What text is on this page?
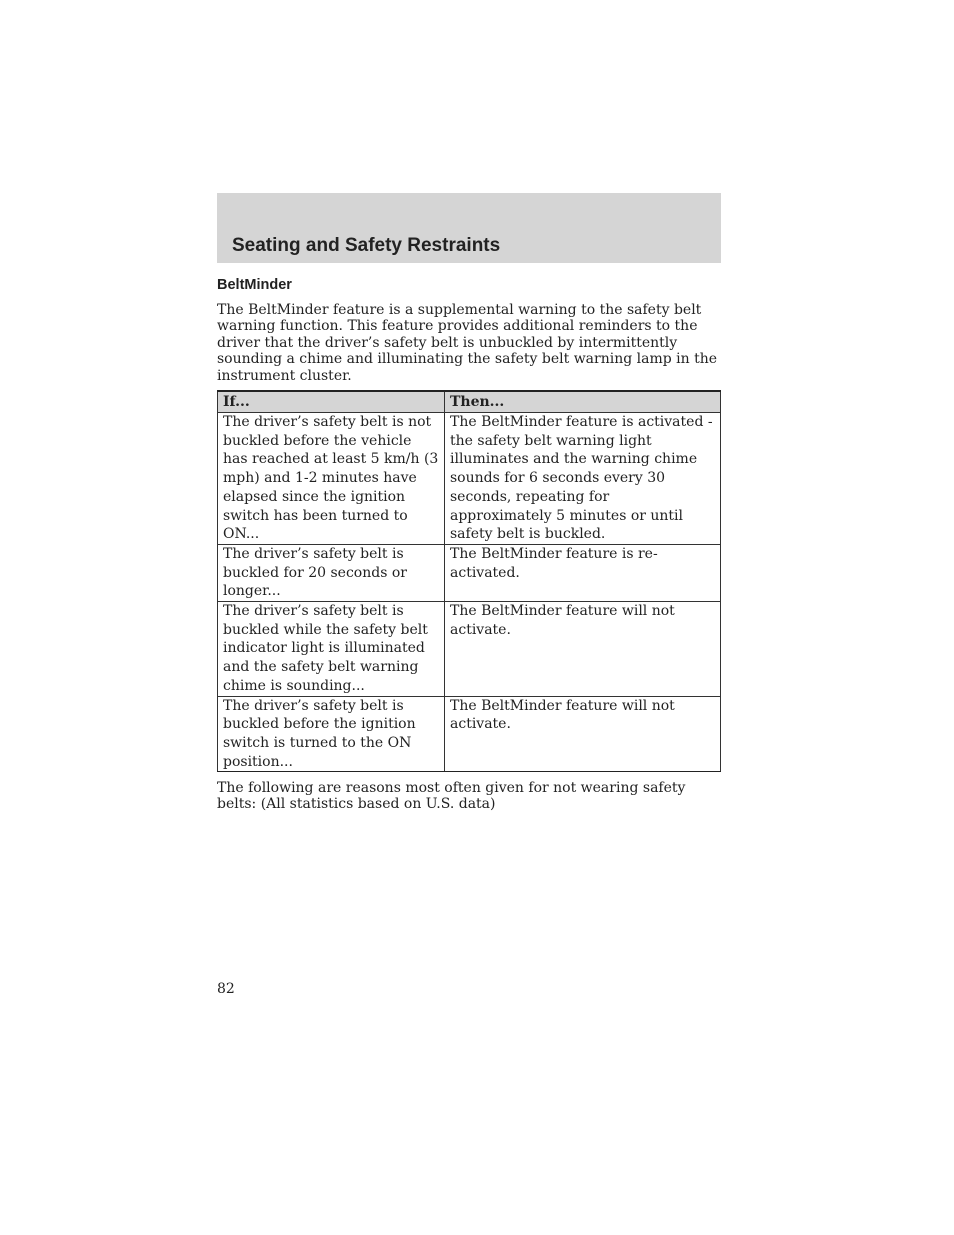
Seating and Safety Restraints
BeltMinder

The BeltMinder feature is a supplemental warning to the safety belt warning function. This feature provides additional reminders to the driver that the driver’s safety belt is unbuckled by intermittently sounding a chime and illuminating the safety belt warning lamp in the instrument cluster.

If...	Then...
The driver’s safety belt is not buckled before the vehicle has reached at least 5 km/h (3 mph) and 1-2 minutes have elapsed since the ignition switch has been turned to ON...	The BeltMinder feature is activated - the safety belt warning light illuminates and the warning chime sounds for 6 seconds every 30 seconds, repeating for approximately 5 minutes or until safety belt is buckled.
The driver’s safety belt is buckled for 20 seconds or longer...	The BeltMinder feature is re-activated.
The driver’s safety belt is buckled while the safety belt indicator light is illuminated and the safety belt warning chime is sounding...	The BeltMinder feature will not activate.
The driver’s safety belt is buckled before the ignition switch is turned to the ON position...	The BeltMinder feature will not activate.

The following are reasons most often given for not wearing safety belts: (All statistics based on U.S. data)

82
